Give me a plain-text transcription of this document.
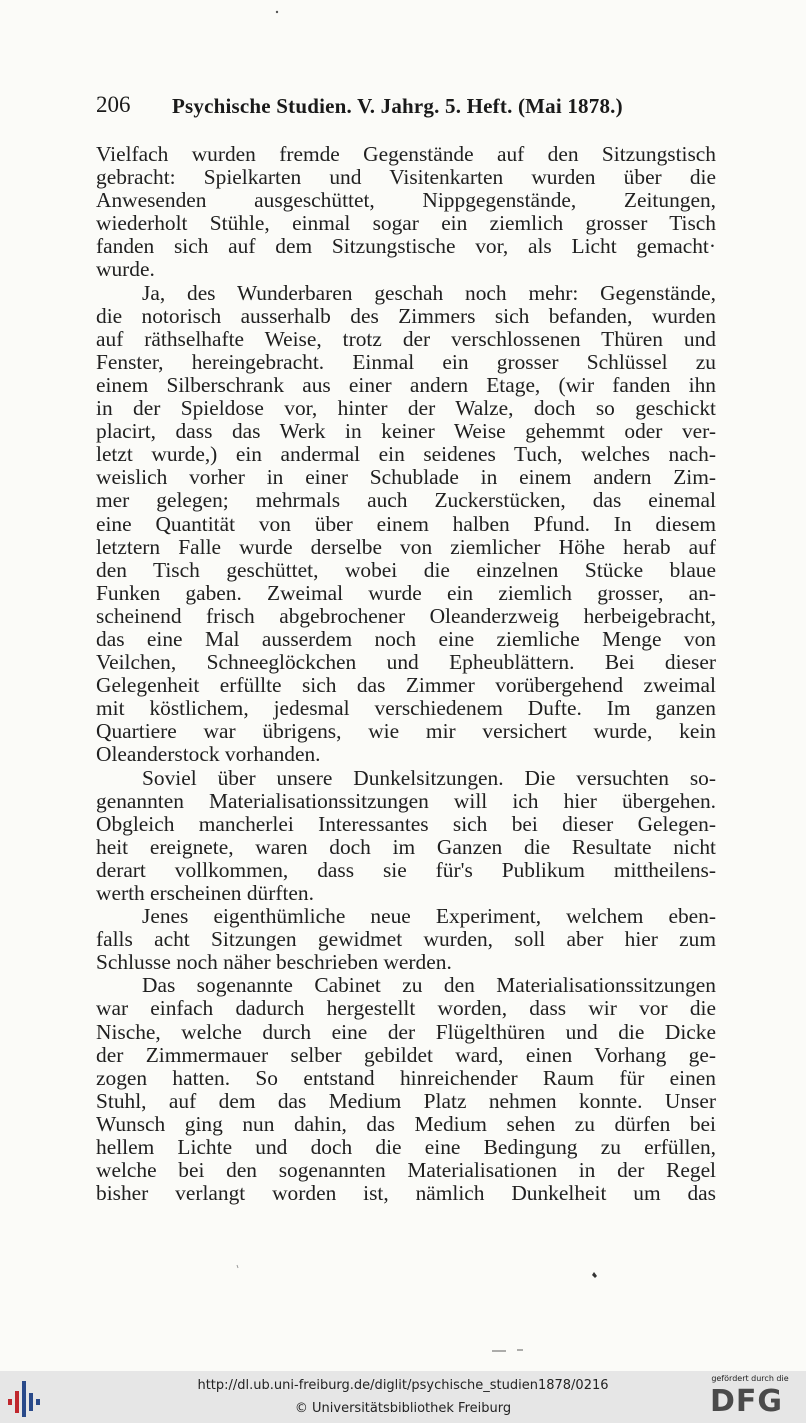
206 Psychische Studien. V. Jahrg. 5. Heft. (Mai 1878.)
Vielfach wurden fremde Gegenstände auf den Sitzungstisch
gebracht: Spielkarten und Visitenkarten wurden über die
Anwesenden ausgeschüttet, Nippgegenstände, Zeitungen,
wiederholt Stühle, einmal sogar ein ziemlich grosser Tisch
fanden sich auf dem Sitzungstische vor, als Licht gemacht·
wurde.
Ja, des Wunderbaren geschah noch mehr: Gegenstände,
die notorisch ausserhalb des Zimmers sich befanden, wurden
auf räthselhafte Weise, trotz der verschlossenen Thüren und
Fenster, hereingebracht. Einmal ein grosser Schlüssel zu
einem Silberschrank aus einer andern Etage, (wir fanden ihn
in der Spieldose vor, hinter der Walze, doch so geschickt
placirt, dass das Werk in keiner Weise gehemmt oder ver-
letzt wurde,) ein andermal ein seidenes Tuch, welches nach-
weislich vorher in einer Schublade in einem andern Zim-
mer gelegen; mehrmals auch Zuckerstücken, das einemal
eine Quantität von über einem halben Pfund. In diesem
letztern Falle wurde derselbe von ziemlicher Höhe herab auf
den Tisch geschüttet, wobei die einzelnen Stücke blaue
Funken gaben. Zweimal wurde ein ziemlich grosser, an-
scheinend frisch abgebrochener Oleanderzweig herbeigebracht,
das eine Mal ausserdem noch eine ziemliche Menge von
Veilchen, Schneeglöckchen und Epheublättern. Bei dieser
Gelegenheit erfüllte sich das Zimmer vorübergehend zweimal
mit köstlichem, jedesmal verschiedenem Dufte. Im ganzen
Quartiere war übrigens, wie mir versichert wurde, kein
Oleanderstock vorhanden.
Soviel über unsere Dunkelsitzungen. Die versuchten so-
genannten Materialisationssitzungen will ich hier übergehen.
Obgleich mancherlei Interessantes sich bei dieser Gelegen-
heit ereignete, waren doch im Ganzen die Resultate nicht
derart vollkommen, dass sie für's Publikum mittheilens-
werth erscheinen dürften.
Jenes eigenthümliche neue Experiment, welchem eben-
falls acht Sitzungen gewidmet wurden, soll aber hier zum
Schlusse noch näher beschrieben werden.
Das sogenannte Cabinet zu den Materialisationssitzungen
war einfach dadurch hergestellt worden, dass wir vor die
Nische, welche durch eine der Flügelthüren und die Dicke
der Zimmermauer selber gebildet ward, einen Vorhang ge-
zogen hatten. So entstand hinreichender Raum für einen
Stuhl, auf dem das Medium Platz nehmen konnte. Unser
Wunsch ging nun dahin, das Medium sehen zu dürfen bei
hellem Lichte und doch die eine Bedingung zu erfüllen,
welche bei den sogenannten Materialisationen in der Regel
bisher verlangt worden ist, nämlich Dunkelheit um das
http://dl.ub.uni-freiburg.de/diglit/psychische_studien1878/0216
© Universitätsbibliothek Freiburg
gefördert durch die
DFG
